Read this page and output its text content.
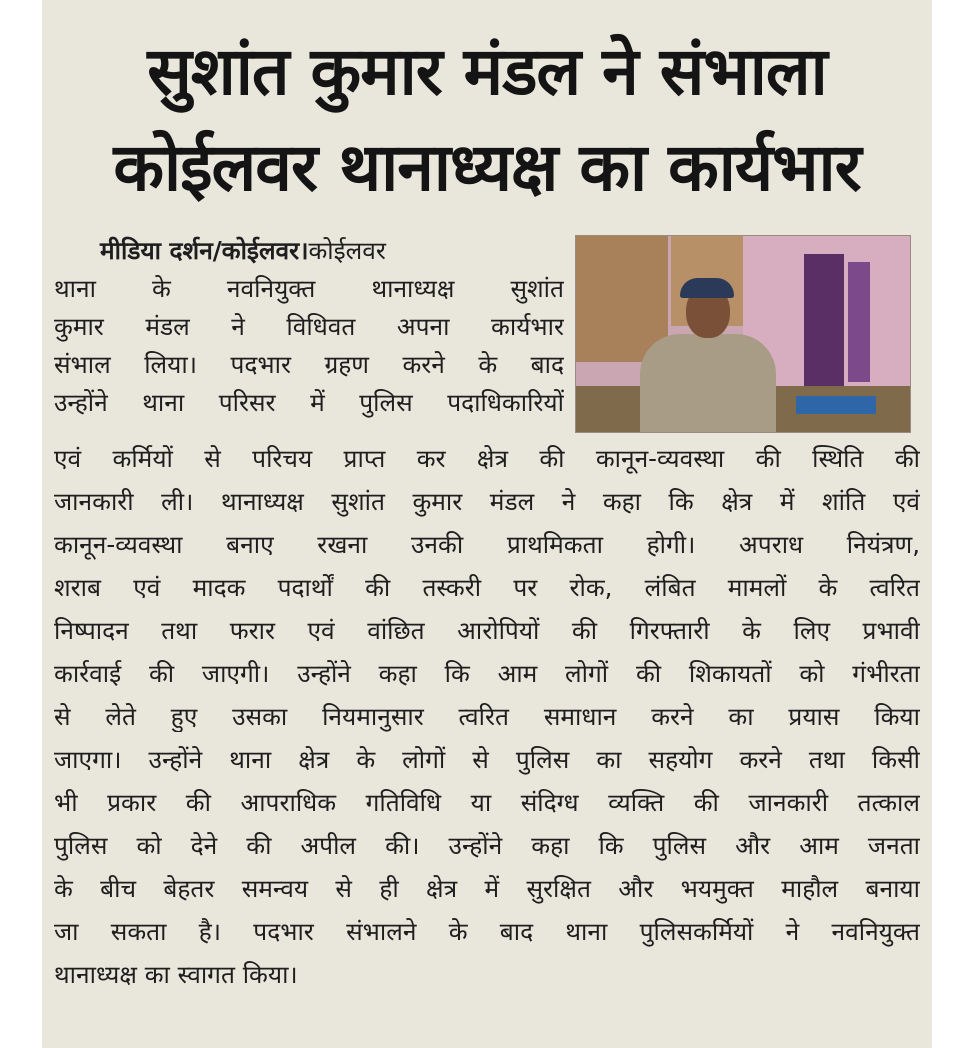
सुशांत कुमार मंडल ने संभाला
कोईलवर थानाध्यक्ष का कार्यभार
मीडिया दर्शन/कोईलवर।कोईलवर
थाना के नवनियुक्त थानाध्यक्ष सुशांत
कुमार मंडल ने विधिवत अपना कार्यभार
संभाल लिया। पदभार ग्रहण करने के बाद
उन्होंने थाना परिसर में पुलिस पदाधिकारियों
एवं कर्मियों से परिचय प्राप्त कर क्षेत्र की कानून-व्यवस्था की स्थिति की
जानकारी ली। थानाध्यक्ष सुशांत कुमार मंडल ने कहा कि क्षेत्र में शांति एवं
कानून-व्यवस्था बनाए रखना उनकी प्राथमिकता होगी। अपराध नियंत्रण,
शराब एवं मादक पदार्थों की तस्करी पर रोक, लंबित मामलों के त्वरित
निष्पादन तथा फरार एवं वांछित आरोपियों की गिरफ्तारी के लिए प्रभावी
कार्रवाई की जाएगी। उन्होंने कहा कि आम लोगों की शिकायतों को गंभीरता
से लेते हुए उसका नियमानुसार त्वरित समाधान करने का प्रयास किया
जाएगा। उन्होंने थाना क्षेत्र के लोगों से पुलिस का सहयोग करने तथा किसी
भी प्रकार की आपराधिक गतिविधि या संदिग्ध व्यक्ति की जानकारी तत्काल
पुलिस को देने की अपील की। उन्होंने कहा कि पुलिस और आम जनता
के बीच बेहतर समन्वय से ही क्षेत्र में सुरक्षित और भयमुक्त माहौल बनाया
जा सकता है। पदभार संभालने के बाद थाना पुलिसकर्मियों ने नवनियुक्त
थानाध्यक्ष का स्वागत किया।
